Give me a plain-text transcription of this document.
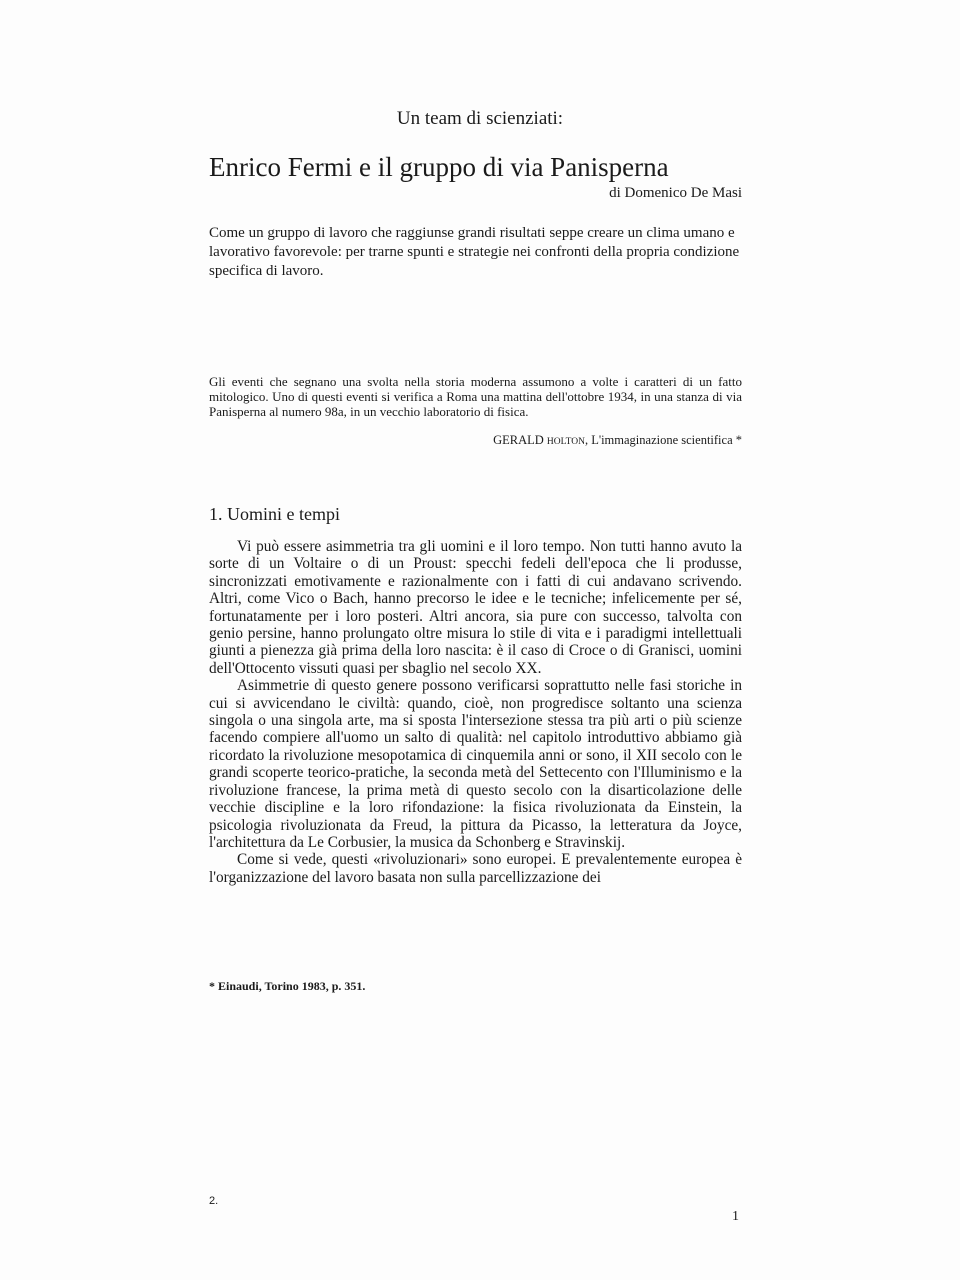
Un team di scienziati:
Enrico Fermi e il gruppo di via Panisperna
di Domenico De Masi
Come un gruppo di lavoro che raggiunse grandi risultati seppe creare un clima umano e lavorativo favorevole: per trarne spunti e strategie nei confronti della propria condizione specifica di lavoro.
Gli eventi che segnano una svolta nella storia moderna assumono a volte i caratteri di un fatto mitologico. Uno di questi eventi si verifica a Roma una mattina dell'ottobre 1934, in una stanza di via Panisperna al numero 98a, in un vecchio laboratorio di fisica.
GERALD HOLTON, L'immaginazione scientifica *
1. Uomini e tempi

Vi può essere asimmetria tra gli uomini e il loro tempo. Non tutti hanno avuto la sorte di un Voltaire o di un Proust: specchi fedeli dell'epoca che li produsse, sincronizzati emotivamente e razionalmente con i fatti di cui andavano scrivendo. Altri, come Vico o Bach, hanno precorso le idee e le tecniche; infelicemente per sé, fortunatamente per i loro posteri. Altri ancora, sia pure con successo, talvolta con genio persine, hanno prolungato oltre misura lo stile di vita e i paradigmi intellettuali giunti a pienezza già prima della loro nascita: è il caso di Croce o di Granisci, uomini dell'Ottocento vissuti quasi per sbaglio nel secolo XX.

Asimmetrie di questo genere possono verificarsi soprattutto nelle fasi storiche in cui si avvicendano le civiltà: quando, cioè, non progredisce soltanto una scienza singola o una singola arte, ma si sposta l'intersezione stessa tra più arti o più scienze facendo compiere all'uomo un salto di qualità: nel capitolo introduttivo abbiamo già ricordato la rivoluzione mesopotamica di cinquemila anni or sono, il XII secolo con le grandi scoperte teorico-pratiche, la seconda metà del Settecento con l'Illuminismo e la rivoluzione francese, la prima metà di questo secolo con la disarticolazione delle vecchie discipline e la loro rifondazione: la fisica rivoluzionata da Einstein, la psicologia rivoluzionata da Freud, la pittura da Picasso, la letteratura da Joyce, l'architettura da Le Corbusier, la musica da Schonberg e Stravinskij.

Come si vede, questi «rivoluzionari» sono europei. E prevalentemente europea è l'organizzazione del lavoro basata non sulla parcellizzazione dei

* Einaudi, Torino 1983, p. 351.
2.
1
